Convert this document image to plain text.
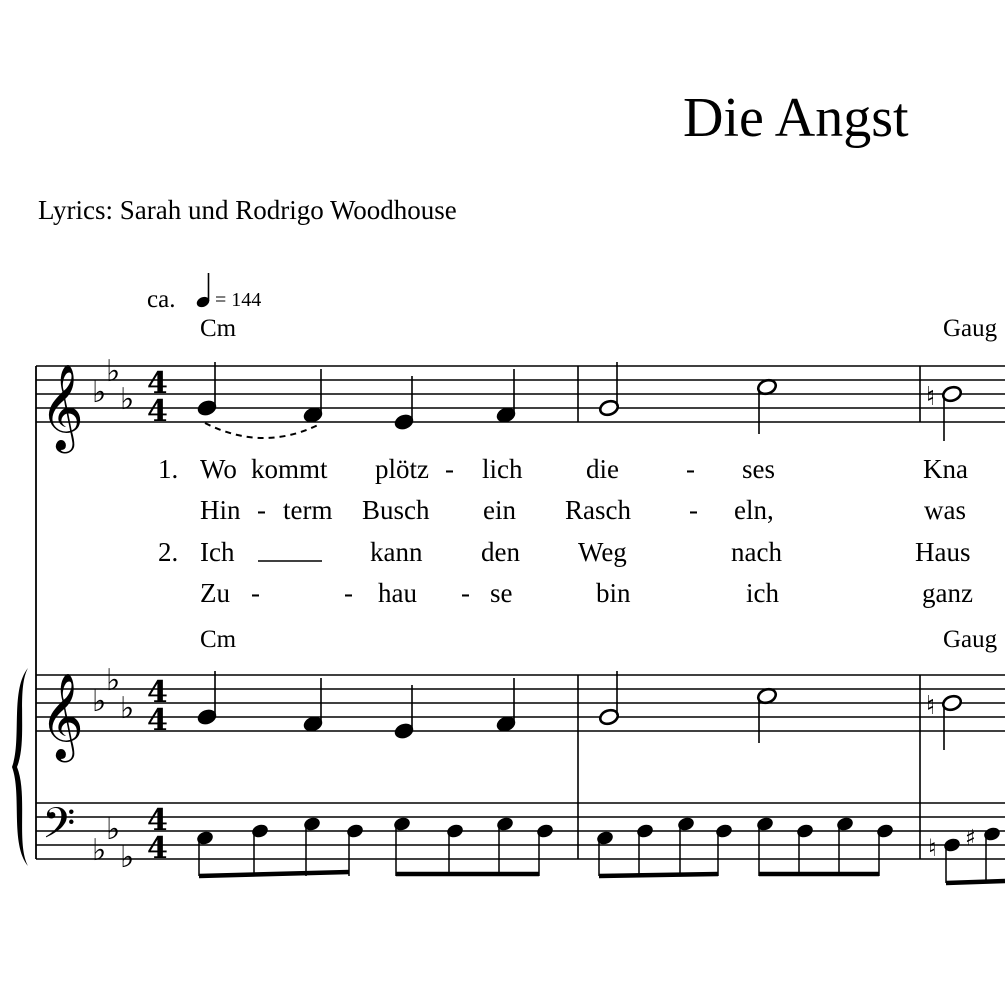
Die Angst
Lyrics: Sarah und Rodrigo Woodhouse
ca. = 144
Cm	Gaug
Cm	Gaug
1. Wo kommt plötz - lich die - ses	Kna
Hin - term Busch ein Rasch - eln,	was
2. Ich	kann den Weg	nach	Haus
Zu -	- hau - se	bin	ich	ganz
𝄞
𝄞
𝄢
♭
♭
♭
♭
♭
♭
♭
♭
♭
4
4
4
4
4
4
♮
♮
♮ ♯
